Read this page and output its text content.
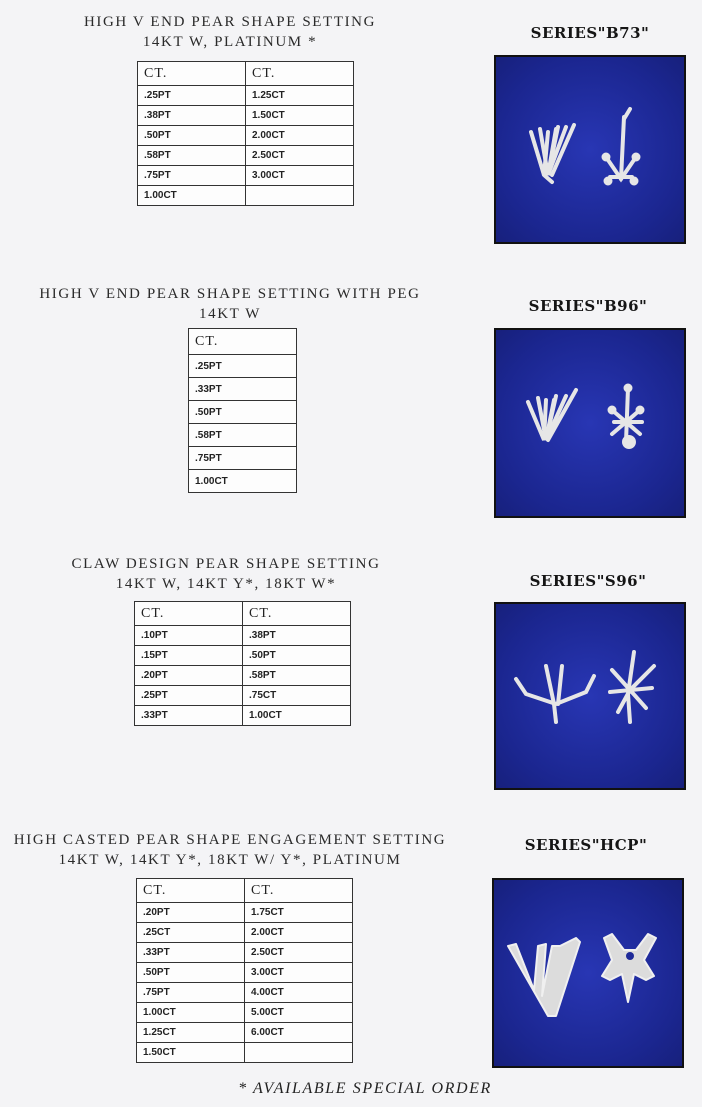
HIGH V END PEAR SHAPE SETTING
14KT W, PLATINUM *	SERIES"B73"
CT.	CT.
.25PT	1.25CT
.38PT	1.50CT
.50PT	2.00CT
.58PT	2.50CT
.75PT	3.00CT
1.00CT	
HIGH V END PEAR SHAPE SETTING WITH PEG
14KT W	SERIES"B96"
CT.
.25PT
.33PT
.50PT
.58PT
.75PT
1.00CT
CLAW DESIGN PEAR SHAPE SETTING
14KT W, 14KT Y*, 18KT W*	SERIES"S96"
CT.	CT.
.10PT	.38PT
.15PT	.50PT
.20PT	.58PT
.25PT	.75CT
.33PT	1.00CT
HIGH CASTED PEAR SHAPE ENGAGEMENT SETTING
14KT W, 14KT Y*, 18KT W/ Y*, PLATINUM
SERIES"HCP"
CT.	CT.
.20PT	1.75CT
.25CT	2.00CT
.33PT	2.50CT
.50PT	3.00CT
.75PT	4.00CT
1.00CT	5.00CT
1.25CT	6.00CT
1.50CT	
* AVAILABLE SPECIAL ORDER
